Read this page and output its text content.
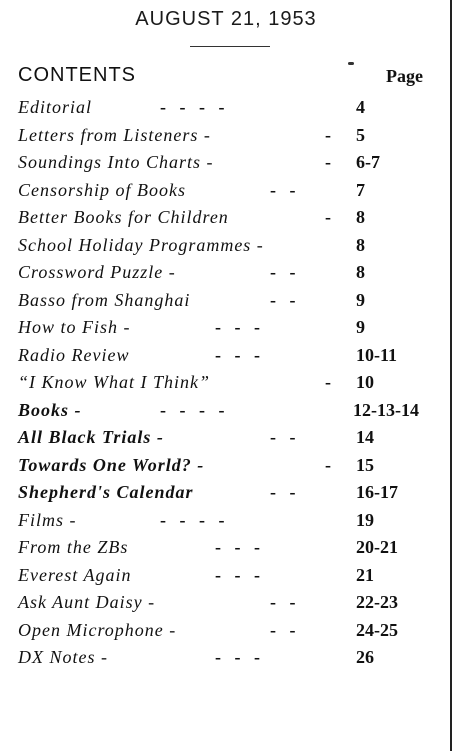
AUGUST 21, 1953
CONTENTS	Page
Editorial	-   -   -   -	4
Letters from Listeners -	- 5
Soundings Into Charts -	- 6-7
Censorship of Books	-   -	7
Better Books for Children	- 8
School Holiday Programmes -	8
Crossword Puzzle -	-   -	8
Basso from Shanghai	-   -	9
How to Fish -	-   -   -	9
Radio Review	-   -   -	10-11
“I Know What I Think”	- 10
Books -	-   -   -   -	12-13-14
All Black Trials -	-   -	14
Towards One World? -	- 15
Shepherd's Calendar	-   -	16-17
Films -	-   -   -   -	19
From the ZBs	-   -   -	20-21
Everest Again	-   -   -	21
Ask Aunt Daisy -	-   -	22-23
Open Microphone -	-   -	24-25
DX Notes -	-   -   -	26
